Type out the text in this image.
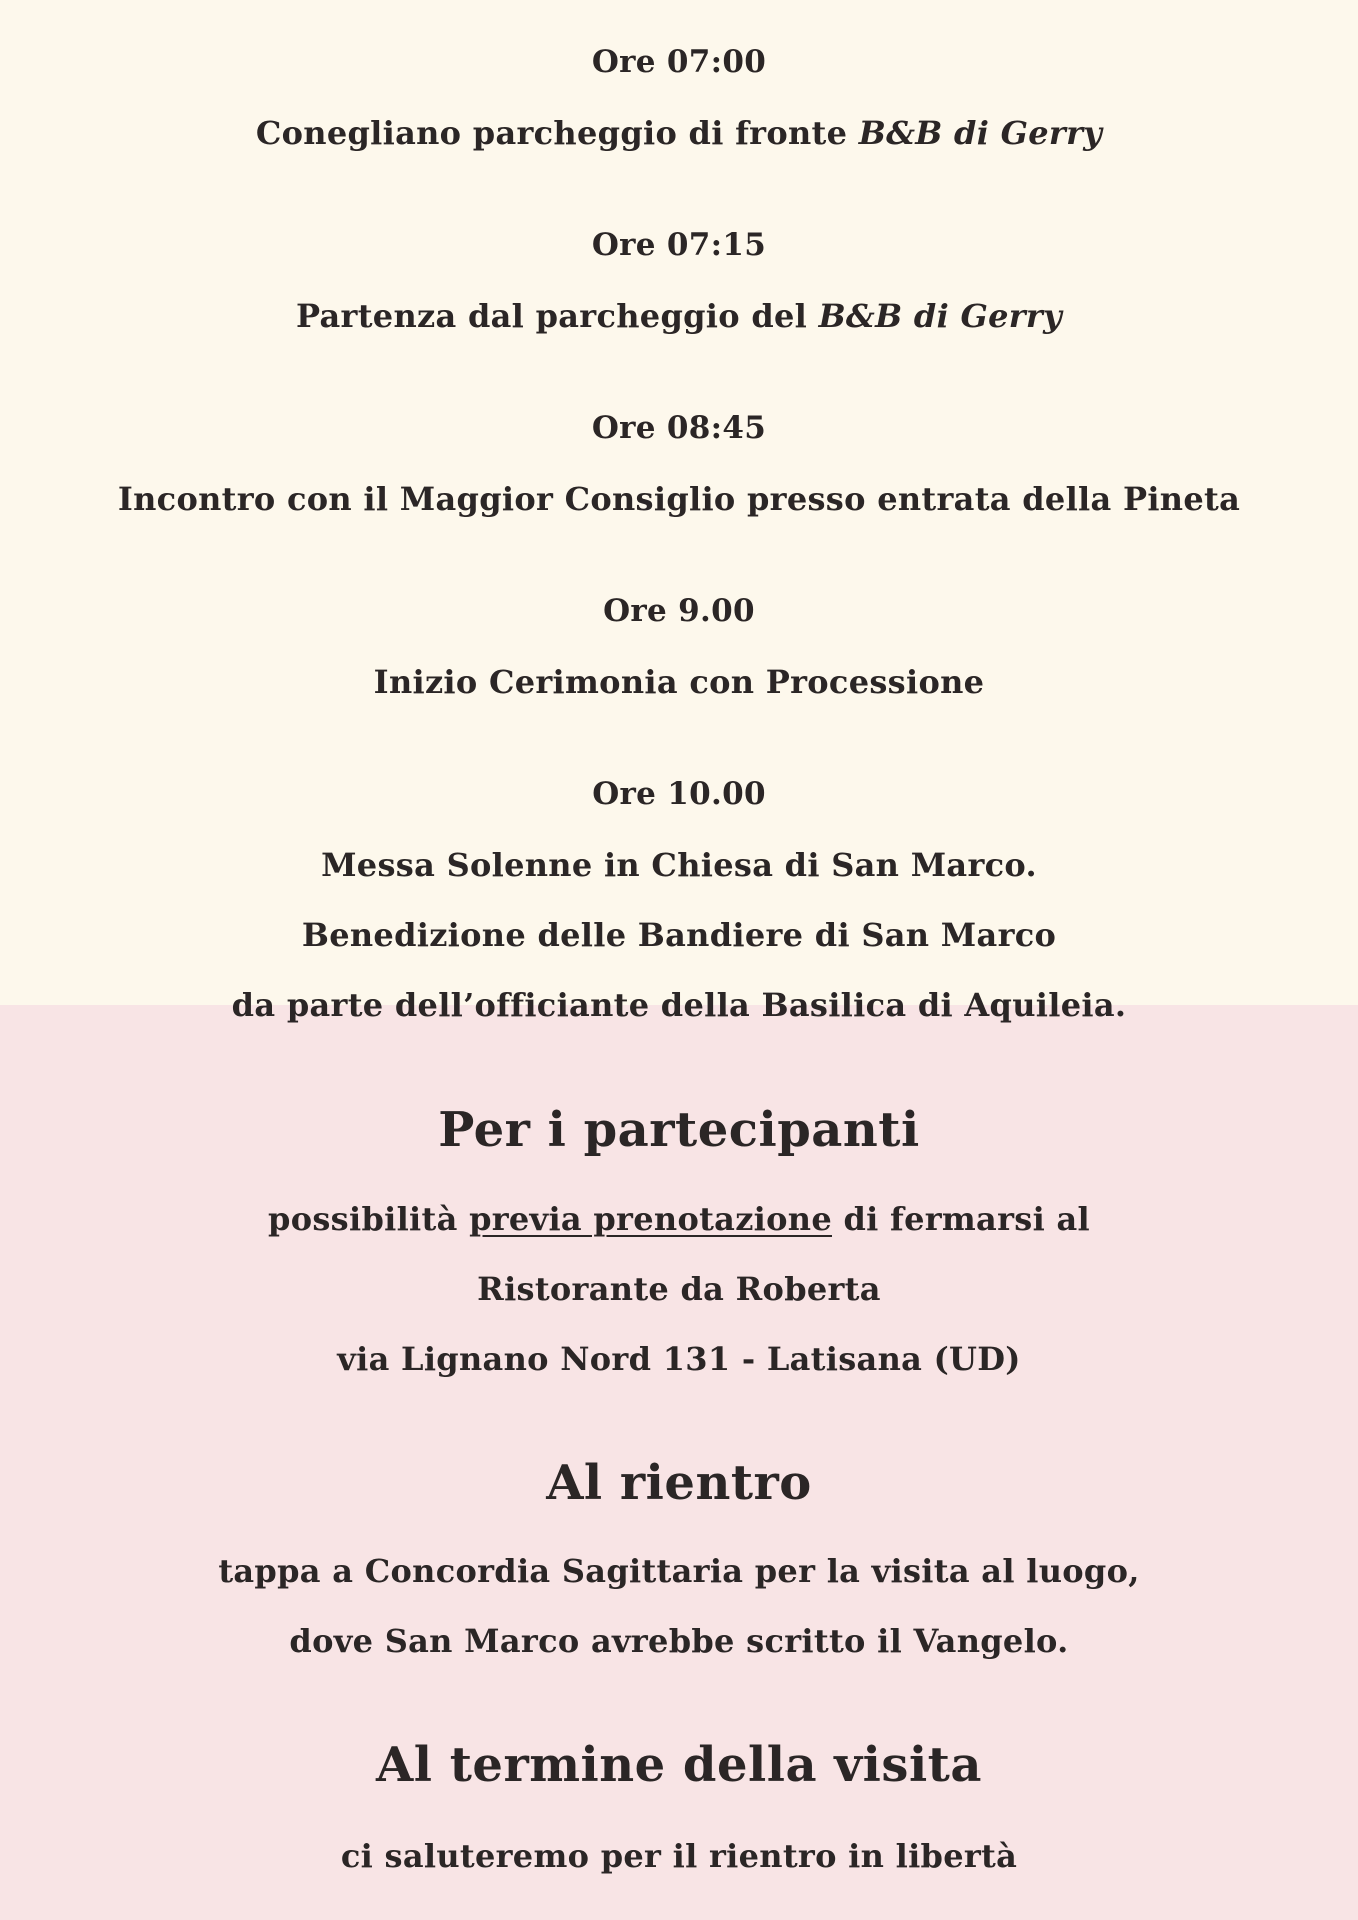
Ore 07:00
Conegliano parcheggio di fronte B&B di Gerry
Ore 07:15
Partenza dal parcheggio del B&B di Gerry
Ore 08:45
Incontro con il Maggior Consiglio presso entrata della Pineta
Ore 9.00
Inizio Cerimonia con Processione
Ore 10.00
Messa Solenne in Chiesa di San Marco.
Benedizione delle Bandiere di San Marco
da parte dell’officiante della Basilica di Aquileia.
Per i partecipanti
possibilità previa prenotazione di fermarsi al
Ristorante da Roberta
via Lignano Nord 131 - Latisana (UD)
Al rientro
tappa a Concordia Sagittaria per la visita al luogo,
dove San Marco avrebbe scritto il Vangelo.
Al termine della visita
ci saluteremo per il rientro in libertà
